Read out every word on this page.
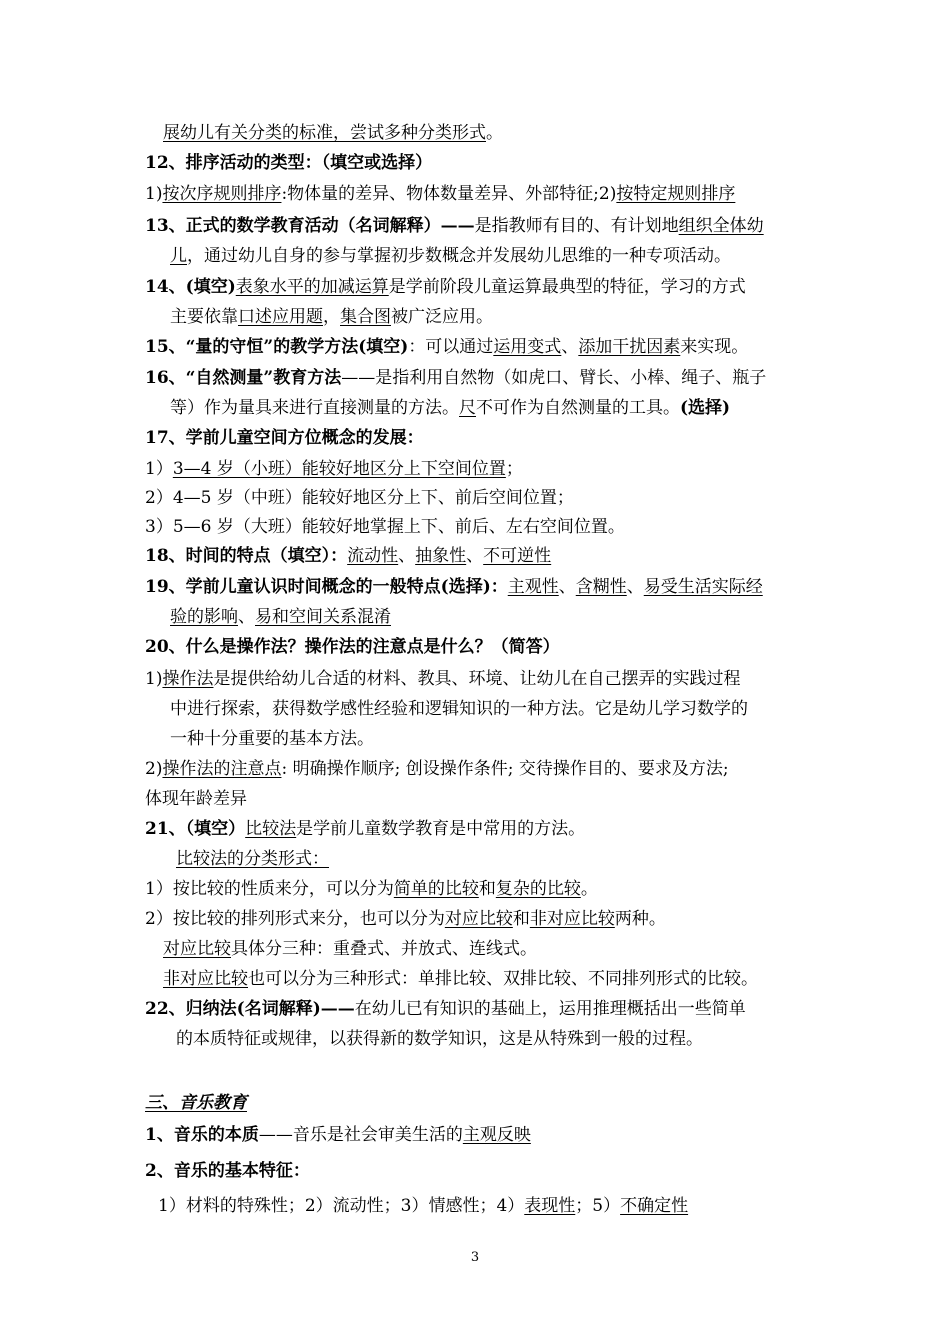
展幼儿有关分类的标准，尝试多种分类形式。
12、排序活动的类型：（填空或选择）
1)按次序规则排序:物体量的差异、物体数量差异、外部特征;2)按特定规则排序
13、正式的数学教育活动（名词解释）——是指教师有目的、有计划地组织全体幼
儿，通过幼儿自身的参与掌握初步数概念并发展幼儿思维的一种专项活动。
14、(填空)表象水平的加减运算是学前阶段儿童运算最典型的特征，学习的方式
主要依靠口述应用题，集合图被广泛应用。
15、“量的守恒”的教学方法(填空)：可以通过运用变式、添加干扰因素来实现。
16、“自然测量”教育方法——是指利用自然物（如虎口、臂长、小棒、绳子、瓶子
等）作为量具来进行直接测量的方法。尺不可作为自然测量的工具。(选择)
17、学前儿童空间方位概念的发展：
1）3—4 岁（小班）能较好地区分上下空间位置；
2）4—5 岁（中班）能较好地区分上下、前后空间位置；
3）5—6 岁（大班）能较好地掌握上下、前后、左右空间位置。
18、时间的特点（填空）：流动性、抽象性、不可逆性
19、学前儿童认识时间概念的一般特点(选择)：主观性、含糊性、易受生活实际经
验的影响、易和空间关系混淆
20、什么是操作法？操作法的注意点是什么？（简答）
1)操作法是提供给幼儿合适的材料、教具、环境、让幼儿在自己摆弄的实践过程
中进行探索，获得数学感性经验和逻辑知识的一种方法。它是幼儿学习数学的
一种十分重要的基本方法。
2)操作法的注意点: 明确操作顺序; 创设操作条件; 交待操作目的、要求及方法;
体现年龄差异
21、（填空）比较法是学前儿童数学教育是中常用的方法。
比较法的分类形式：
1）按比较的性质来分，可以分为简单的比较和复杂的比较。
2）按比较的排列形式来分，也可以分为对应比较和非对应比较两种。
对应比较具体分三种：重叠式、并放式、连线式。
非对应比较也可以分为三种形式：单排比较、双排比较、不同排列形式的比较。
22、归纳法(名词解释)——在幼儿已有知识的基础上，运用推理概括出一些简单
的本质特征或规律，以获得新的数学知识，这是从特殊到一般的过程。
三、音乐教育
1、音乐的本质——音乐是社会审美生活的主观反映
2、音乐的基本特征：
1）材料的特殊性；2）流动性；3）情感性；4）表现性；5）不确定性
3
